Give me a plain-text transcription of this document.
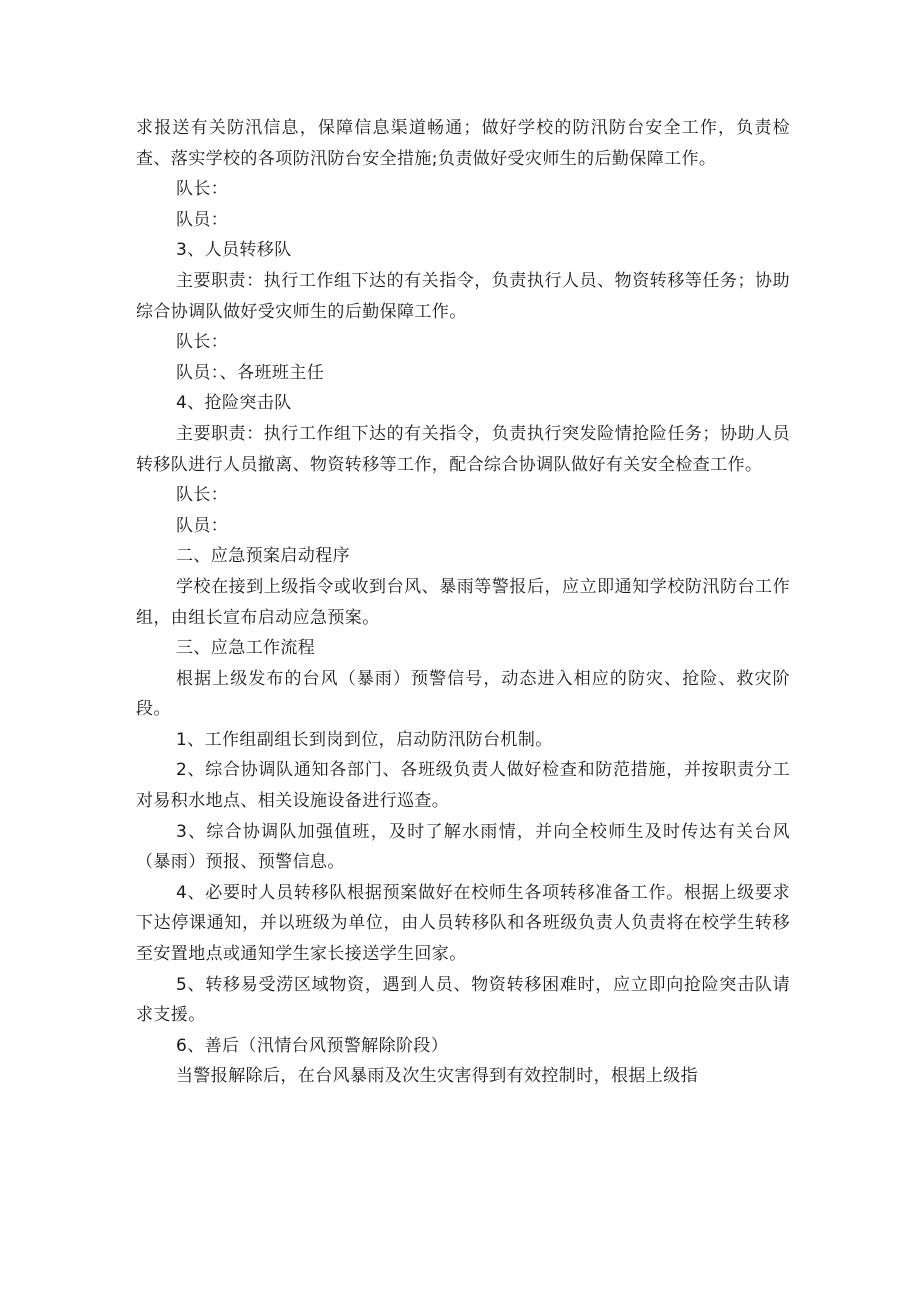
求报送有关防汛信息，保障信息渠道畅通；做好学校的防汛防台安全工作，负责检查、落实学校的各项防汛防台安全措施;负责做好受灾师生的后勤保障工作。

队长：

队员：

3、人员转移队

主要职责：执行工作组下达的有关指令，负责执行人员、物资转移等任务；协助综合协调队做好受灾师生的后勤保障工作。

队长：

队员：、各班班主任

4、抢险突击队

主要职责：执行工作组下达的有关指令，负责执行突发险情抢险任务；协助人员转移队进行人员撤离、物资转移等工作，配合综合协调队做好有关安全检查工作。

队长：

队员：

二、应急预案启动程序

学校在接到上级指令或收到台风、暴雨等警报后，应立即通知学校防汛防台工作组，由组长宣布启动应急预案。

三、应急工作流程

根据上级发布的台风（暴雨）预警信号，动态进入相应的防灾、抢险、救灾阶段。

1、工作组副组长到岗到位，启动防汛防台机制。

2、综合协调队通知各部门、各班级负责人做好检查和防范措施，并按职责分工对易积水地点、相关设施设备进行巡查。

3、综合协调队加强值班，及时了解水雨情，并向全校师生及时传达有关台风（暴雨）预报、预警信息。

4、必要时人员转移队根据预案做好在校师生各项转移准备工作。根据上级要求下达停课通知，并以班级为单位，由人员转移队和各班级负责人负责将在校学生转移至安置地点或通知学生家长接送学生回家。

5、转移易受涝区域物资，遇到人员、物资转移困难时，应立即向抢险突击队请求支援。

6、善后（汛情台风预警解除阶段）

当警报解除后，在台风暴雨及次生灾害得到有效控制时，根据上级指
